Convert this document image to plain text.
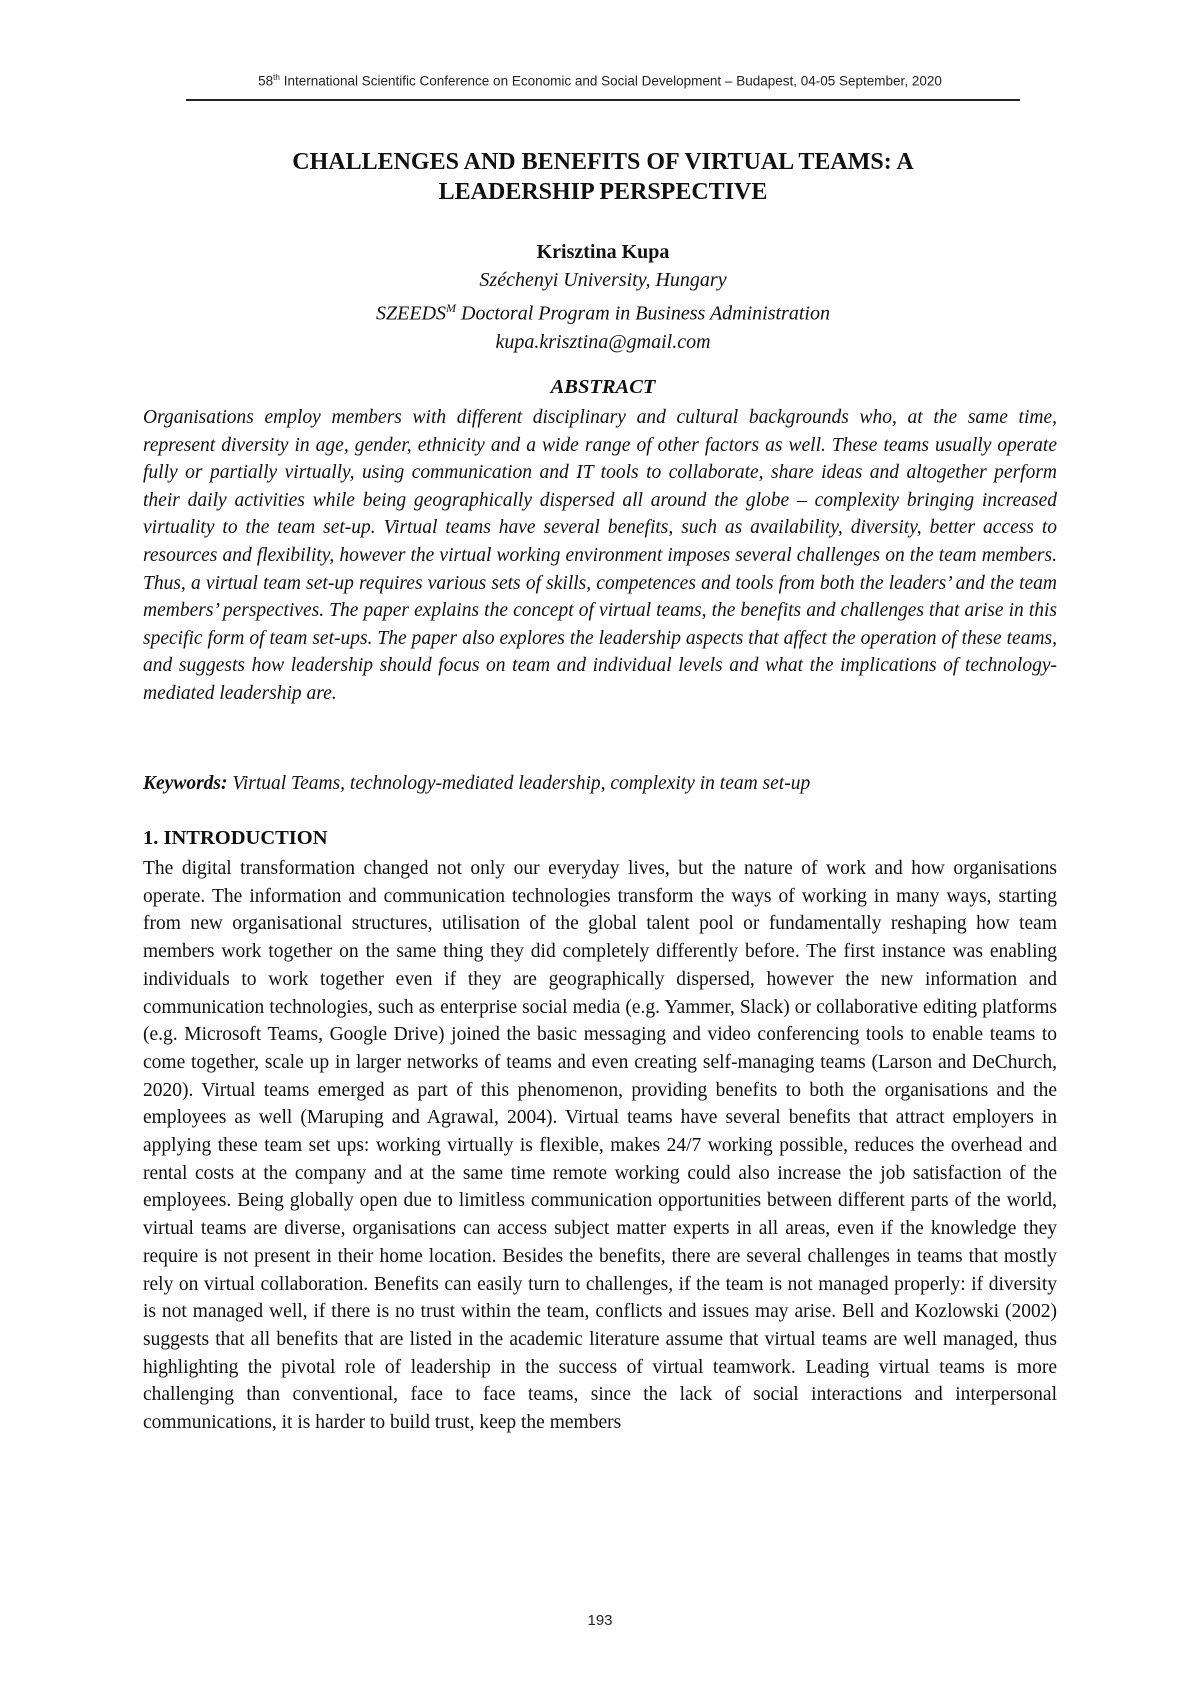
58th International Scientific Conference on Economic and Social Development – Budapest, 04-05 September, 2020
CHALLENGES AND BENEFITS OF VIRTUAL TEAMS: A
LEADERSHIP PERSPECTIVE
Krisztina Kupa
Széchenyi University, Hungary
$SZEEDS^M$ Doctoral Program in Business Administration
kupa.krisztina@gmail.com
ABSTRACT

Organisations employ members with different disciplinary and cultural backgrounds who, at the same time, represent diversity in age, gender, ethnicity and a wide range of other factors as well. These teams usually operate fully or partially virtually, using communication and IT tools to collaborate, share ideas and altogether perform their daily activities while being geographically dispersed all around the globe – complexity bringing increased virtuality to the team set-up. Virtual teams have several benefits, such as availability, diversity, better access to resources and flexibility, however the virtual working environment imposes several challenges on the team members. Thus, a virtual team set-up requires various sets of skills, competences and tools from both the leaders’ and the team members’ perspectives. The paper explains the concept of virtual teams, the benefits and challenges that arise in this specific form of team set-ups. The paper also explores the leadership aspects that affect the operation of these teams, and suggests how leadership should focus on team and individual levels and what the implications of technology-mediated leadership are.

Keywords: Virtual Teams, technology-mediated leadership, complexity in team set-up

1. INTRODUCTION

The digital transformation changed not only our everyday lives, but the nature of work and how organisations operate. The information and communication technologies transform the ways of working in many ways, starting from new organisational structures, utilisation of the global talent pool or fundamentally reshaping how team members work together on the same thing they did completely differently before. The first instance was enabling individuals to work together even if they are geographically dispersed, however the new information and communication technologies, such as enterprise social media (e.g. Yammer, Slack) or collaborative editing platforms (e.g. Microsoft Teams, Google Drive) joined the basic messaging and video conferencing tools to enable teams to come together, scale up in larger networks of teams and even creating self-managing teams (Larson and DeChurch, 2020). Virtual teams emerged as part of this phenomenon, providing benefits to both the organisations and the employees as well (Maruping and Agrawal, 2004). Virtual teams have several benefits that attract employers in applying these team set ups: working virtually is flexible, makes 24/7 working possible, reduces the overhead and rental costs at the company and at the same time remote working could also increase the job satisfaction of the employees. Being globally open due to limitless communication opportunities between different parts of the world, virtual teams are diverse, organisations can access subject matter experts in all areas, even if the knowledge they require is not present in their home location. Besides the benefits, there are several challenges in teams that mostly rely on virtual collaboration. Benefits can easily turn to challenges, if the team is not managed properly: if diversity is not managed well, if there is no trust within the team, conflicts and issues may arise. Bell and Kozlowski (2002) suggests that all benefits that are listed in the academic literature assume that virtual teams are well managed, thus highlighting the pivotal role of leadership in the success of virtual teamwork. Leading virtual teams is more challenging than conventional, face to face teams, since the lack of social interactions and interpersonal communications, it is harder to build trust, keep the members

193
